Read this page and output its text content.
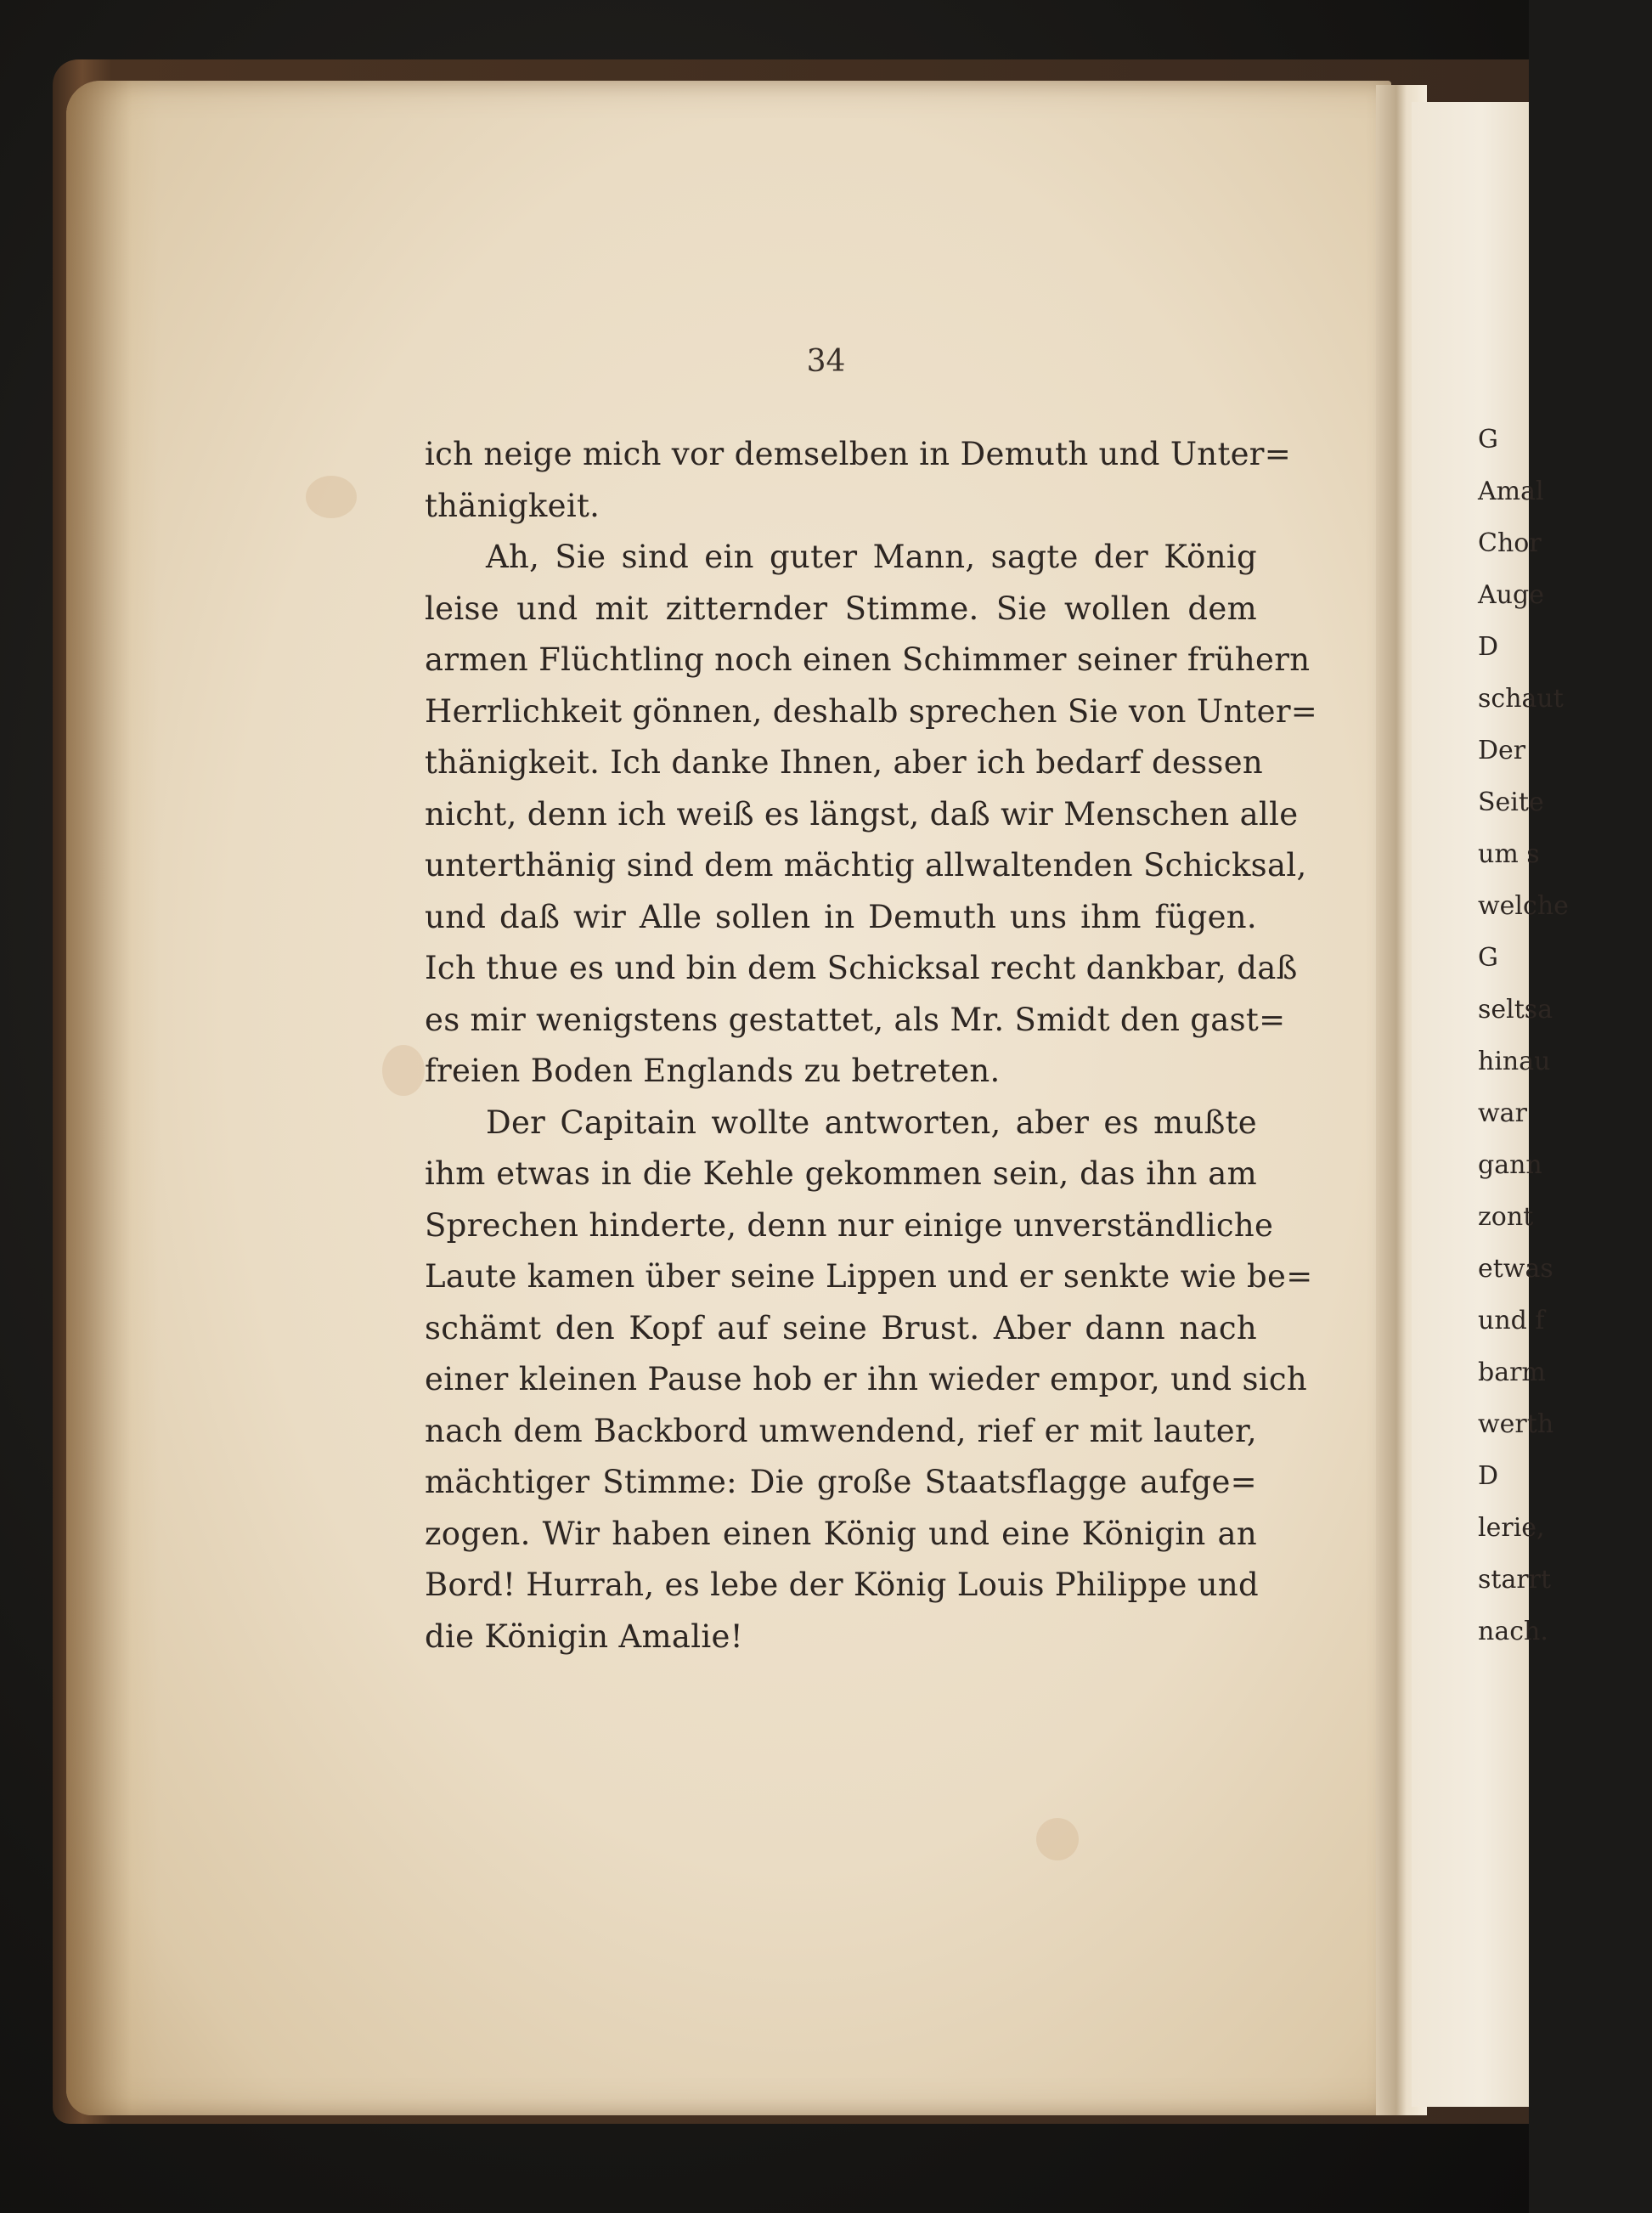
34
ich neige mich vor demselben in Demuth und Unter=
thänigkeit.
Ah, Sie sind ein guter Mann, sagte der König
leise und mit zitternder Stimme. Sie wollen dem
armen Flüchtling noch einen Schimmer seiner frühern
Herrlichkeit gönnen, deshalb sprechen Sie von Unter=
thänigkeit. Ich danke Ihnen, aber ich bedarf dessen
nicht, denn ich weiß es längst, daß wir Menschen alle
unterthänig sind dem mächtig allwaltenden Schicksal,
und daß wir Alle sollen in Demuth uns ihm fügen.
Ich thue es und bin dem Schicksal recht dankbar, daß
es mir wenigstens gestattet, als Mr. Smidt den gast=
freien Boden Englands zu betreten.
Der Capitain wollte antworten, aber es mußte
ihm etwas in die Kehle gekommen sein, das ihn am
Sprechen hinderte, denn nur einige unverständliche
Laute kamen über seine Lippen und er senkte wie be=
schämt den Kopf auf seine Brust. Aber dann nach
einer kleinen Pause hob er ihn wieder empor, und sich
nach dem Backbord umwendend, rief er mit lauter,
mächtiger Stimme: Die große Staatsflagge aufge=
zogen. Wir haben einen König und eine Königin an
Bord! Hurrah, es lebe der König Louis Philippe und
die Königin Amalie!
G
Amal
Chor
Auge
D
schaut
Der
Seite
um s
welche
G
seltsa
hinau
war
gann
zont
etwas
und f
barm
werth
D
lerie,
starrt
nach.
